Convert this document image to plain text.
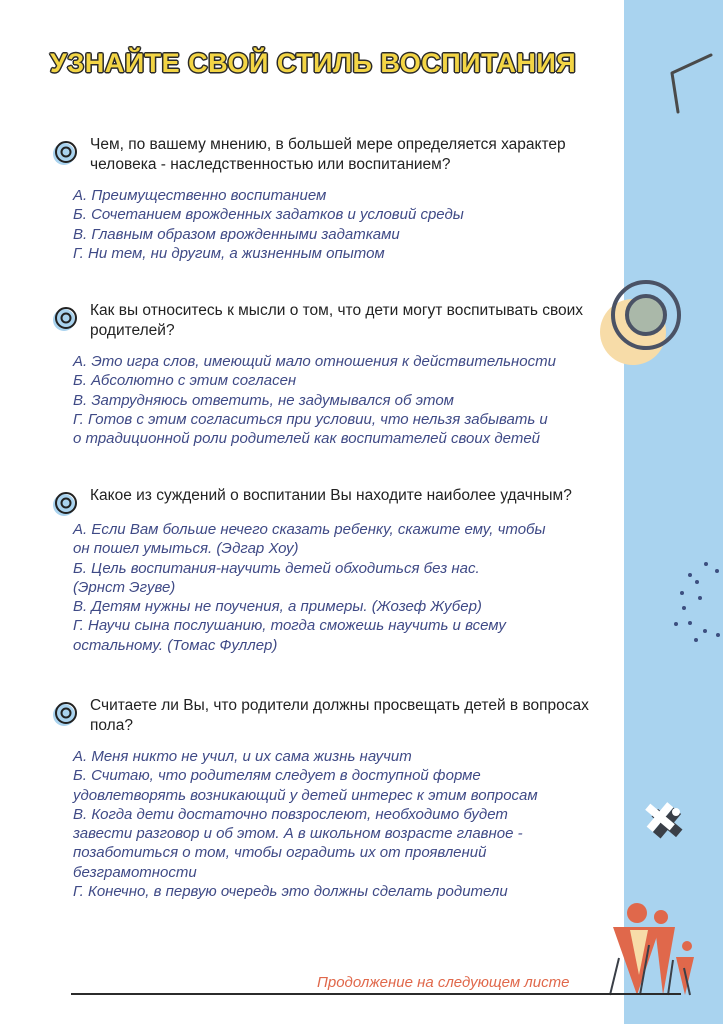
УЗНАЙТЕ СВОЙ СТИЛЬ ВОСПИТАНИЯ

Чем, по вашему мнению, в большей мере определяется характер человека - наследственностью или воспитанием?

А. Преимущественно воспитанием
Б. Сочетанием врожденных задатков и условий среды
В. Главным образом врожденными задатками
Г. Ни тем, ни другим, а жизненным опытом

Как вы относитесь к мысли о том, что дети могут воспитывать своих родителей?

А. Это игра слов, имеющий мало отношения к действительности
Б. Абсолютно с этим согласен
В. Затрудняюсь ответить, не задумывался об этом
Г. Готов с этим согласиться при условии, что нельзя забывать и
о традиционной роли родителей как воспитателей своих детей

Какое из суждений о воспитании Вы находите наиболее удачным?

А. Если Вам больше нечего сказать ребенку, скажите ему, чтобы
он пошел умыться. (Эдгар Хоу)
Б. Цель воспитания-научить детей обходиться без нас.
(Эрнст Эгуве)
В. Детям нужны не поучения, а примеры. (Жозеф Жубер)
Г. Научи сына послушанию, тогда сможешь научить и всему
остальному. (Томас Фуллер)

Считаете ли Вы, что родители должны просвещать детей в вопросах пола?

А. Меня никто не учил, и их сама жизнь научит
Б. Считаю, что родителям следует в доступной форме
удовлетворять возникающий у детей интерес к этим вопросам
В. Когда дети достаточно повзрослеют, необходимо будет
завести разговор и об этом. А в школьном возрасте главное -
позаботиться о том, чтобы оградить их от проявлений
безграмотности
Г. Конечно, в первую очередь это должны сделать родители
Продолжение на следующем листе
